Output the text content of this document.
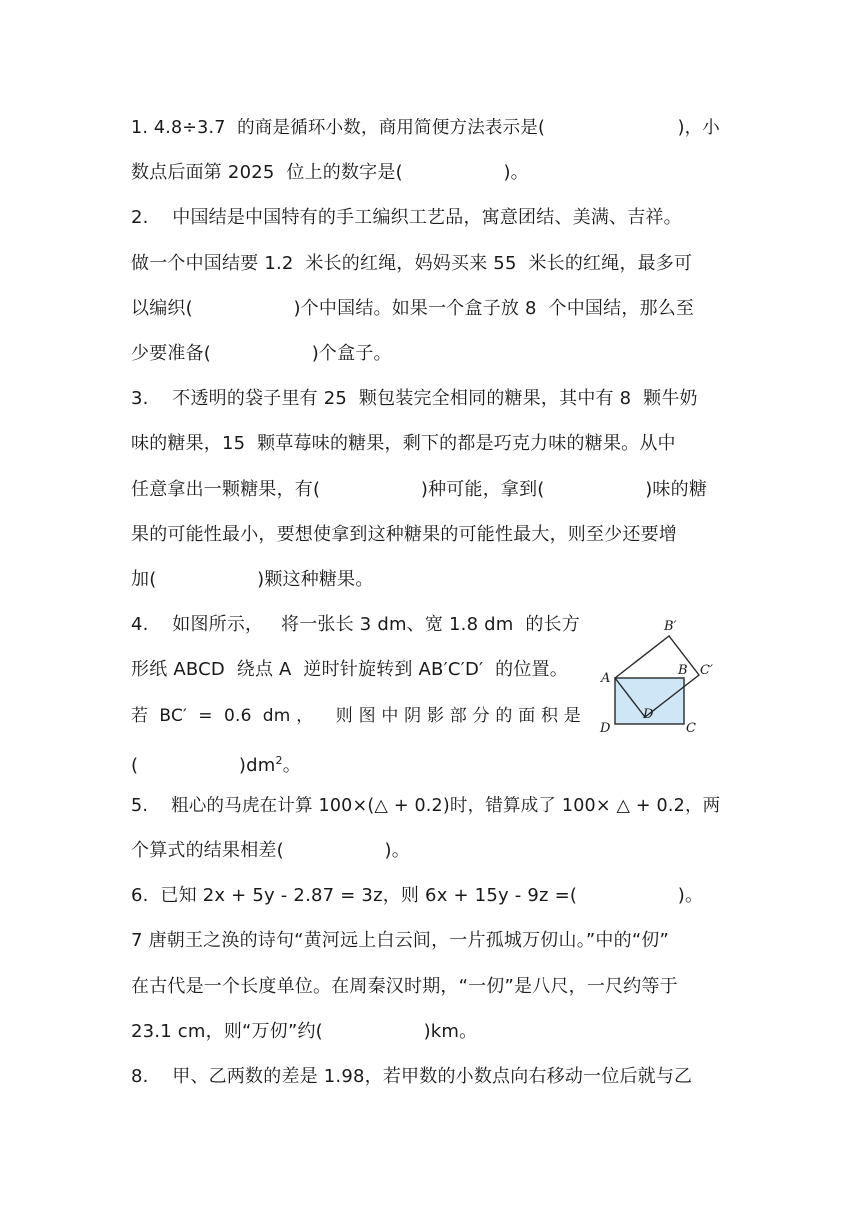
1. 4.8÷3.7  的商是循环小数，商用简便方法表示是(                       )，小
数点后面第 2025  位上的数字是(                 )。
2.    中国结是中国特有的手工编织工艺品，寓意团结、美满、吉祥。
做一个中国结要 1.2  米长的红绳，妈妈买来 55  米长的红绳，最多可
以编织(                 )个中国结。如果一个盒子放 8  个中国结，那么至
少要准备(                 )个盒子。
3.    不透明的袋子里有 25  颗包装完全相同的糖果，其中有 8  颗牛奶
味的糖果，15  颗草莓味的糖果，剩下的都是巧克力味的糖果。从中
任意拿出一颗糖果，有(                 )种可能，拿到(                 )味的糖
果的可能性最小，要想使拿到这种糖果的可能性最大，则至少还要增
加(                 )颗这种糖果。
4.    如图所示，   将一张长 3 dm、宽 1.8 dm  的长方
形纸 ABCD  绕点 A  逆时针旋转到 AB′C′D′  的位置。
若  BC′  =  0.6  dm ，    则 图 中 阴 影 部 分 的 面 积 是
(                 )$dm^2$。
B′
A
B C′
D′
D	C
5.    粗心的马虎在计算 100×(△ + 0.2)时，错算成了 100× △ + 0.2，两
个算式的结果相差(                 )。
6.  已知 2x + 5y - 2.87 = 3z，则 6x + 15y - 9z =(                 )。
7 唐朝王之涣的诗句“黄河远上白云间，一片孤城万仞山。”中的“仞”
在古代是一个长度单位。在周秦汉时期，“一仞”是八尺，一尺约等于
23.1 cm，则“万仞”约(                 )km。
8.    甲、乙两数的差是 1.98，若甲数的小数点向右移动一位后就与乙
